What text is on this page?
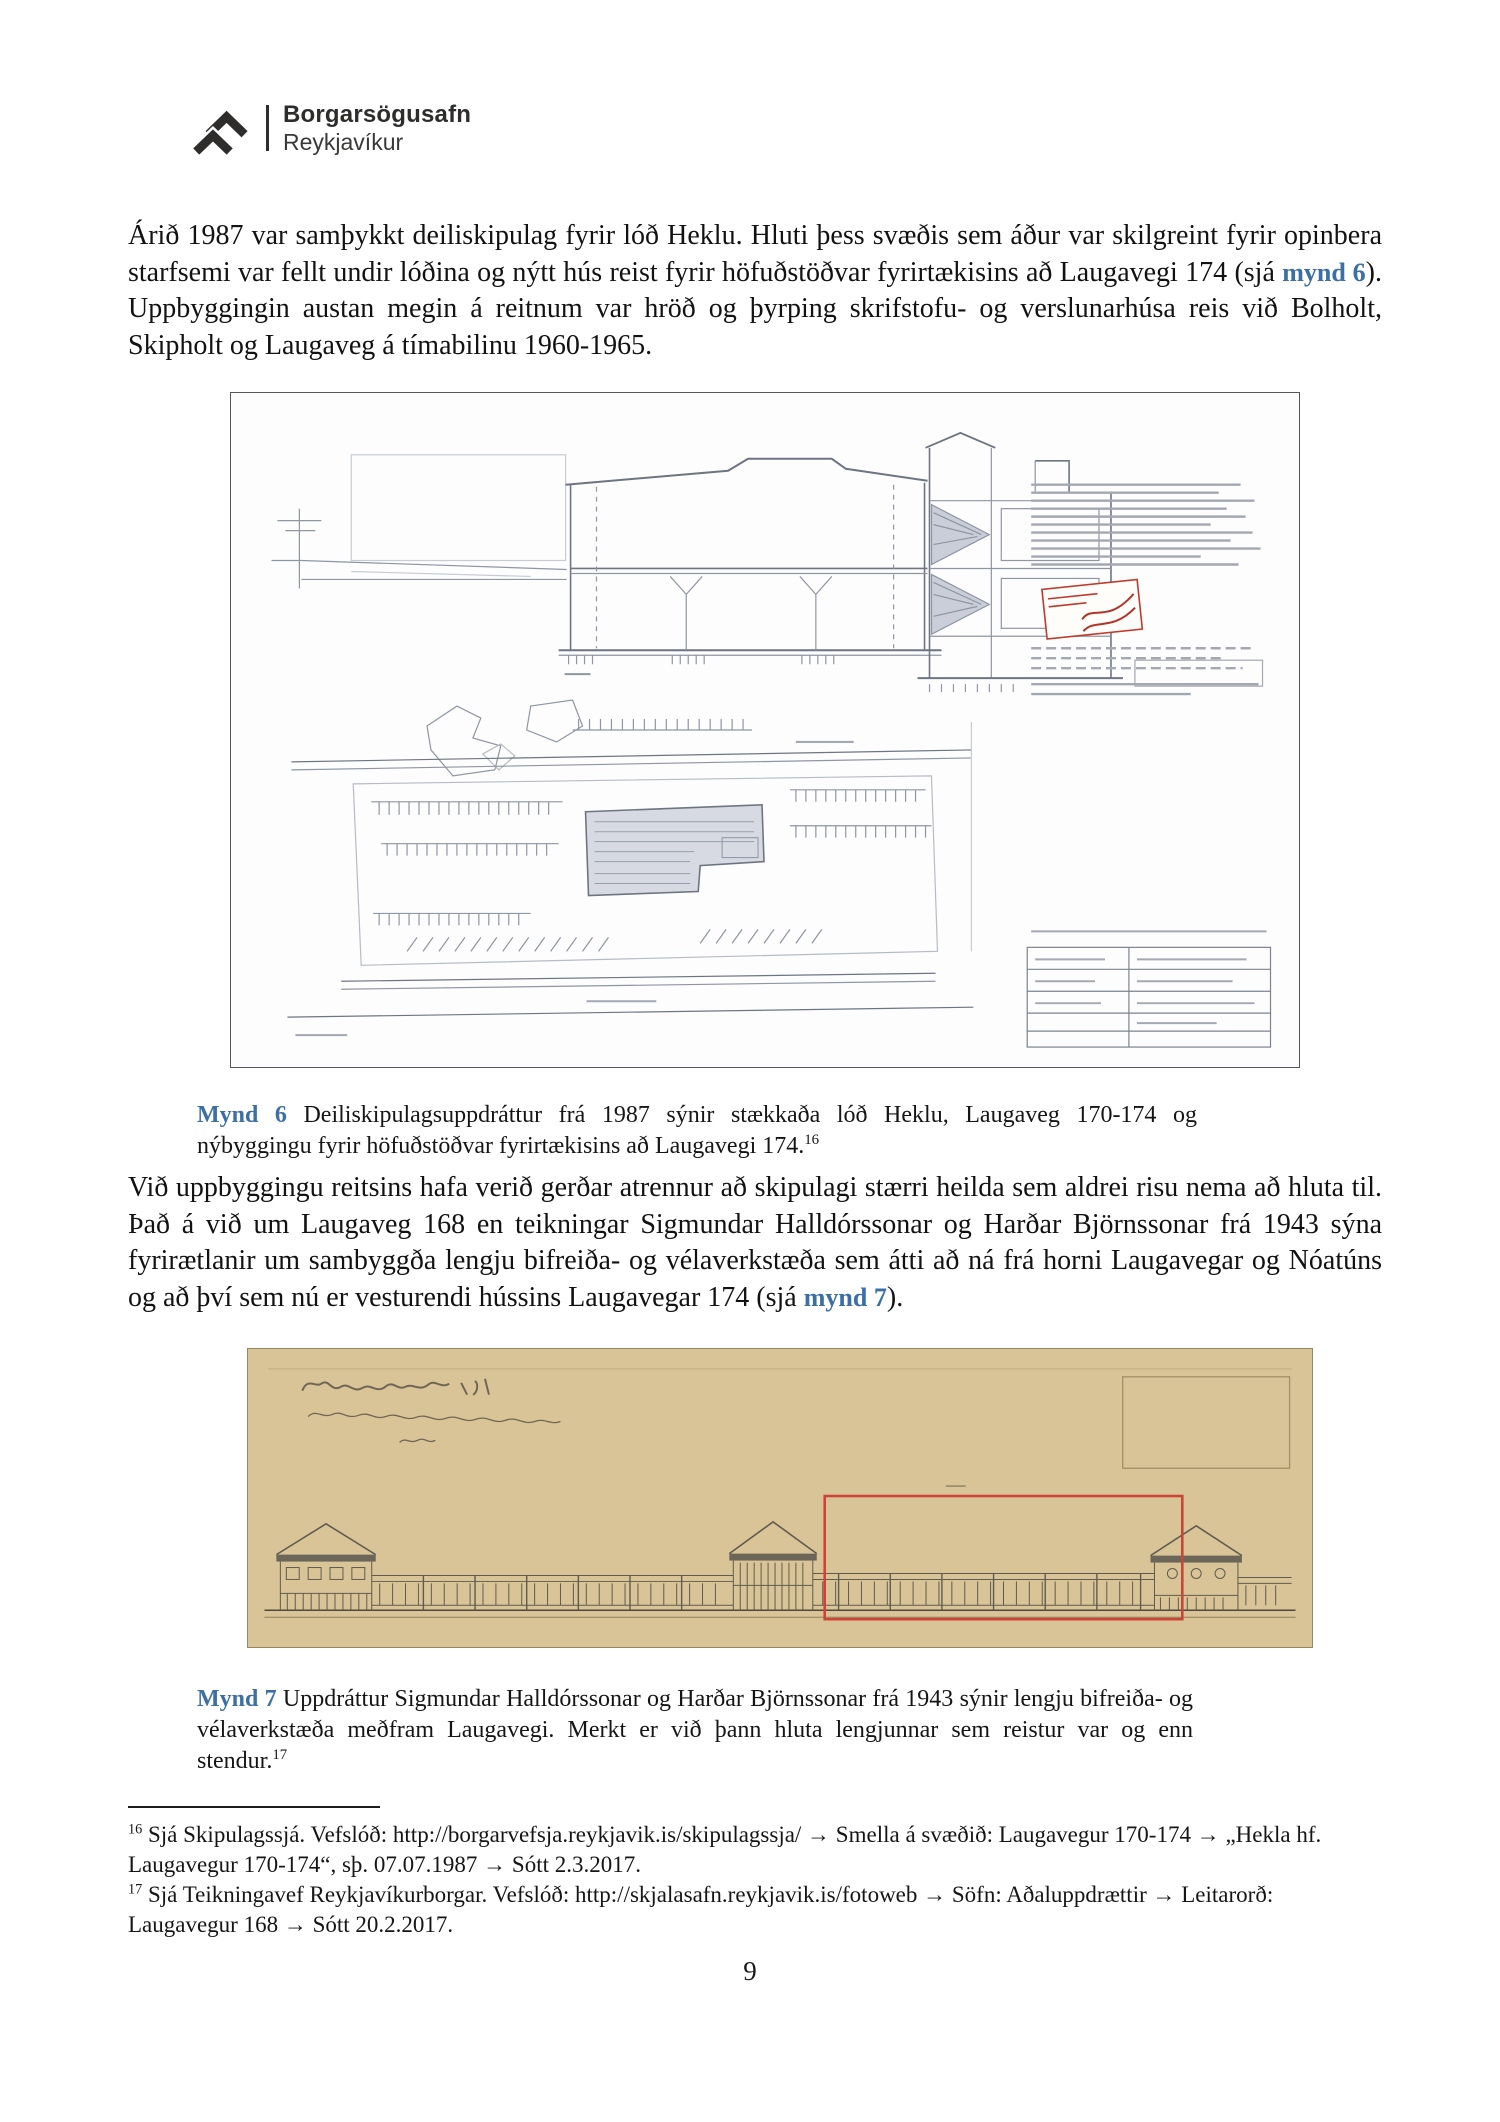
Borgarsögusafn
Reykjavíkur

Árið 1987 var samþykkt deiliskipulag fyrir lóð Heklu. Hluti þess svæðis sem áður var skilgreint fyrir opinbera starfsemi var fellt undir lóðina og nýtt hús reist fyrir höfuðstöðvar fyrirtækisins að Laugavegi 174 (sjá mynd 6). Uppbyggingin austan megin á reitnum var hröð og þyrping skrifstofu- og verslunarhúsa reis við Bolholt, Skipholt og Laugaveg á tímabilinu 1960-1965.

Mynd 6 Deiliskipulagsuppdráttur frá 1987 sýnir stækkaða lóð Heklu, Laugaveg 170-174 og nýbyggingu fyrir höfuðstöðvar fyrirtækisins að Laugavegi 174.16

Við uppbyggingu reitsins hafa verið gerðar atrennur að skipulagi stærri heilda sem aldrei risu nema að hluta til. Það á við um Laugaveg 168 en teikningar Sigmundar Halldórssonar og Harðar Björnssonar frá 1943 sýna fyrirætlanir um sambyggða lengju bifreiða- og vélaverkstæða sem átti að ná frá horni Laugavegar og Nóatúns og að því sem nú er vesturendi hússins Laugavegar 174 (sjá mynd 7).

Mynd 7 Uppdráttur Sigmundar Halldórssonar og Harðar Björnssonar frá 1943 sýnir lengju bifreiða- og vélaverkstæða meðfram Laugavegi. Merkt er við þann hluta lengjunnar sem reistur var og enn stendur.$^{17}$

$^{16}$ Sjá Skipulagssjá. Vefslóð: http://borgarvefsja.reykjavik.is/skipulagssja/ → Smella á svæðið: Laugavegur 170-174 → „Hekla hf. Laugavegur 170-174“, sþ. 07.07.1987 → Sótt 2.3.2017.

$^{17}$ Sjá Teikningavef Reykjavíkurborgar. Vefslóð: http://skjalasafn.reykjavik.is/fotoweb → Söfn: Aðaluppdrættir → Leitarorð: Laugavegur 168 → Sótt 20.2.2017.

9
